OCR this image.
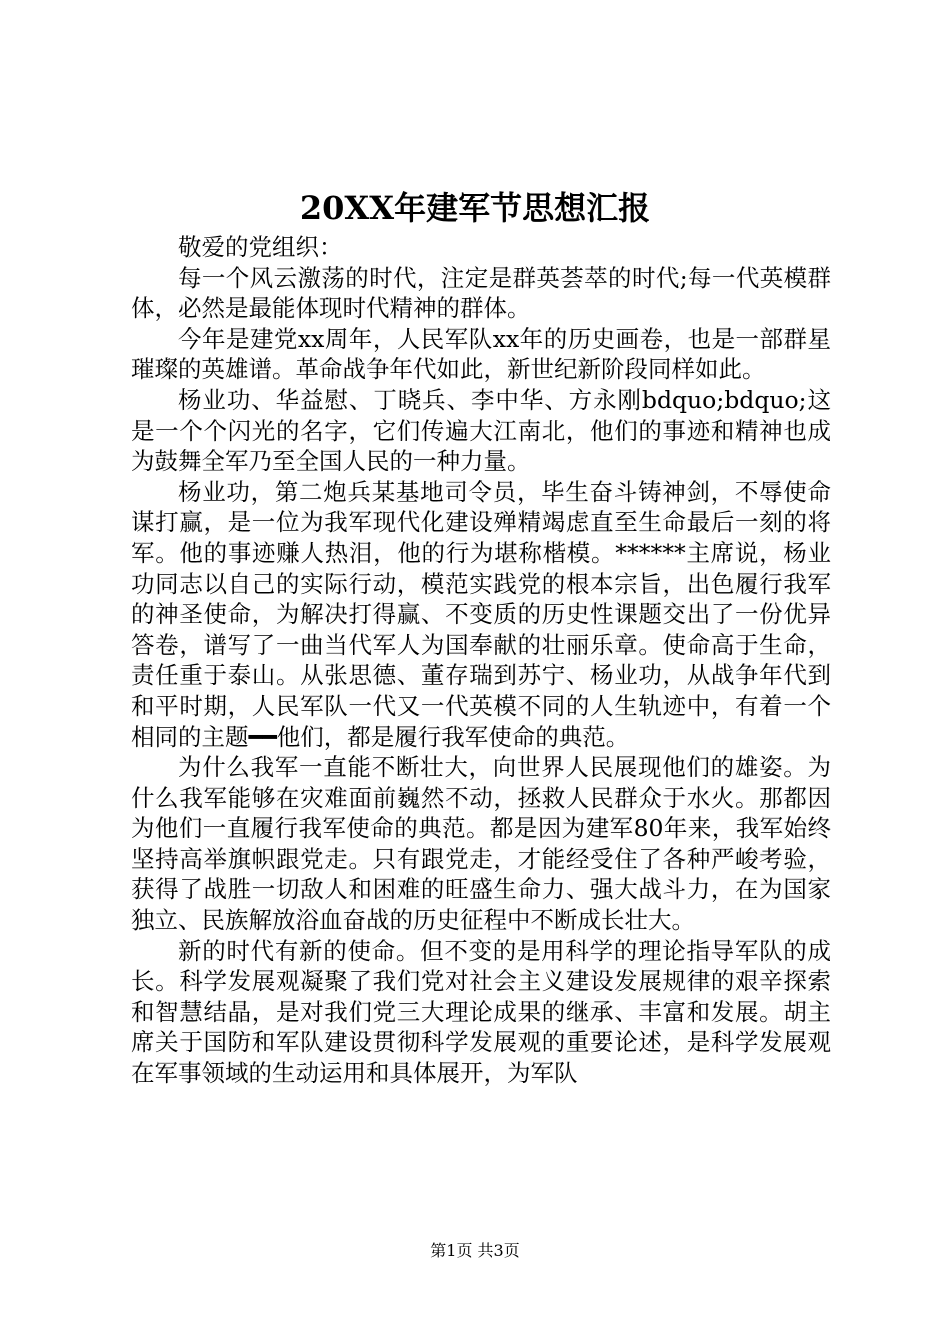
20XX年建军节思想汇报

敬爱的党组织：

每一个风云激荡的时代，注定是群英荟萃的时代;每一代英模群体，必然是最能体现时代精神的群体。

今年是建党xx周年，人民军队xx年的历史画卷，也是一部群星璀璨的英雄谱。革命战争年代如此，新世纪新阶段同样如此。

杨业功、华益慰、丁晓兵、李中华、方永刚bdquo;bdquo;这是一个个闪光的名字，它们传遍大江南北，他们的事迹和精神也成为鼓舞全军乃至全国人民的一种力量。

杨业功，第二炮兵某基地司令员，毕生奋斗铸神剑，不辱使命谋打赢，是一位为我军现代化建设殚精竭虑直至生命最后一刻的将军。他的事迹赚人热泪，他的行为堪称楷模。******主席说，杨业功同志以自己的实际行动，模范实践党的根本宗旨，出色履行我军的神圣使命，为解决打得赢、不变质的历史性课题交出了一份优异答卷，谱写了一曲当代军人为国奉献的壮丽乐章。使命高于生命，责任重于泰山。从张思德、董存瑞到苏宁、杨业功，从战争年代到和平时期，人民军队一代又一代英模不同的人生轨迹中，有着一个相同的主题━━他们，都是履行我军使命的典范。

为什么我军一直能不断壮大，向世界人民展现他们的雄姿。为什么我军能够在灾难面前巍然不动，拯救人民群众于水火。那都因为他们一直履行我军使命的典范。都是因为建军80年来，我军始终坚持高举旗帜跟党走。只有跟党走，才能经受住了各种严峻考验，获得了战胜一切敌人和困难的旺盛生命力、强大战斗力，在为国家独立、民族解放浴血奋战的历史征程中不断成长壮大。

新的时代有新的使命。但不变的是用科学的理论指导军队的成长。科学发展观凝聚了我们党对社会主义建设发展规律的艰辛探索和智慧结晶，是对我们党三大理论成果的继承、丰富和发展。胡主席关于国防和军队建设贯彻科学发展观的重要论述，是科学发展观在军事领域的生动运用和具体展开，为军队

第1页 共3页
